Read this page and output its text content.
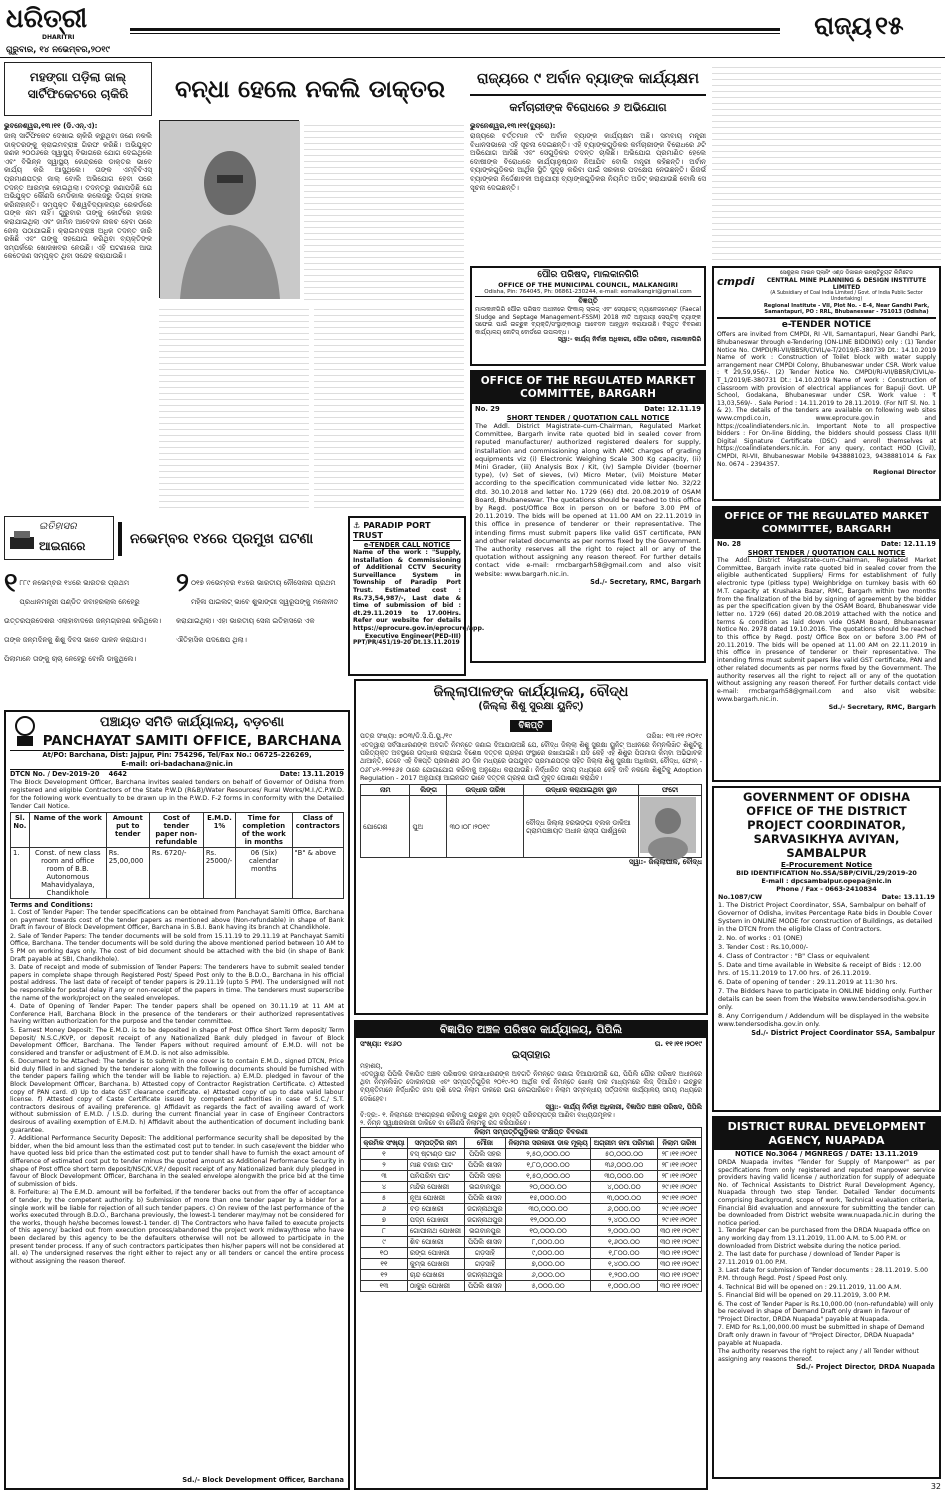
ଧରିତ୍ରୀ
DHARITRI
ଗୁରୁବାର, ୧୪ ନଭେମ୍ବର,୨୦୧୯
ରାଜ୍ୟ ୧୫
ମହଙ୍ଗା ପଡ଼ିଲା ଜାଲ୍‌ ସାର୍ଟିଫିକେଟରେ ଚାକିରି	ବନ୍ଧା ହେଲେ ନକଲି ଡାକ୍ତର
ଭୁବନେଶ୍ୱର,୧୩।୧୧ (ଡି.ଏନ୍‌.ଏ):
ଜାଲ୍‌ ସାର୍ଟିଫିକେଟ ଦେଖାଇ ଚାକିରି କରୁଥିବା ଜଣେ ନକଲି ଡାକ୍ତରଙ୍କୁ କ୍ରାଇମବ୍ରାଞ୍ଚ ଗିରଫ କରିଛି। ଅଭିଯୁକ୍ତ ଜଣକ ୨୦୦୬ରେ ସ୍ୱାସ୍ଥ୍ୟ ବିଭାଗରେ ଯୋଗ ଦେଇଥିଲେ ଏବଂ ବିଭିନ୍ନ ସ୍ୱାସ୍ଥ୍ୟ କେନ୍ଦ୍ରରେ ଡାକ୍ତର ଭାବେ କାର୍ଯ୍ୟ କରି ଆସୁଥିଲେ। ତାଙ୍କ ଏମ୍‌ବିବିଏସ୍‌ ପ୍ରମାଣପତ୍ର ଜାଲ୍‌ ବୋଲି ଅଭିଯୋଗ ହେବା ପରେ ତଦନ୍ତ ଆରମ୍ଭ ହୋଇଥିଲା। ତଦନ୍ତରୁ ଜଣାପଡ଼ିଛି ଯେ ଅଭିଯୁକ୍ତ କୌଣସି ମେଡିକାଲ କଲେଜରୁ ଡିଗ୍ରୀ ହାସଲ କରିନାହାନ୍ତି। ସମ୍ପୃକ୍ତ ବିଶ୍ୱବିଦ୍ୟାଳୟର ରେକର୍ଡରେ ତାଙ୍କ ନାମ ନାହିଁ। ଗୁରୁବାର ତାଙ୍କୁ କୋର୍ଟରେ ହାଜର କରାଯାଇଥିଲା ଏବଂ ଜାମିନ ଆବେଦନ ନାକଚ ହେବା ପରେ ଜେଲ୍‌ ପଠାଯାଇଛି। କ୍ରାଇମବ୍ରାଞ୍ଚ ଅଧିକ ତଦନ୍ତ ଜାରି ରଖିଛି ଏବଂ ତାଙ୍କୁ ସହଯୋଗ କରିଥିବା ବ୍ୟକ୍ତିଙ୍କ ସମ୍ପର୍କରେ ଖୋଜଖବର ନେଉଛି। ଏହି ଘଟଣାରେ ଆଉ କେତେଜଣ ସମ୍ପୃକ୍ତ ଥିବା ସନ୍ଦେହ କରାଯାଉଛି।
ରାଜ୍ୟରେ ୯ ଅର୍ବାନ ବ୍ୟାଙ୍କ କାର୍ଯ୍ୟକ୍ଷମ
କର୍ମଚାରୀଙ୍କ ବିରୋଧରେ ୬ ଅଭିଯୋଗ
ଭୁବନେଶ୍ୱର,୧୩।୧୧(ବ୍ୟୁରୋ):
ରାଜ୍ୟରେ ବର୍ତ୍ତମାନ ୯ଟି ଅର୍ବାନ ବ୍ୟାଙ୍କ କାର୍ଯ୍ୟକ୍ଷମ ଅଛି। ସମବାୟ ମନ୍ତ୍ରୀ ବିଧାନସଭାରେ ଏହି ସୂଚନା ଦେଇଛନ୍ତି। ଏହି ବ୍ୟାଙ୍କଗୁଡ଼ିକର କର୍ମଚାରୀଙ୍କ ବିରୋଧରେ ୬ଟି ଅଭିଯୋଗ ଆସିଛି ଏବଂ ସେଗୁଡ଼ିକର ତଦନ୍ତ ଚାଲିଛି। ଅଭିଯୋଗ ପ୍ରମାଣିତ ହେଲେ ଦୋଷୀଙ୍କ ବିରୋଧରେ କାର୍ଯ୍ୟାନୁଷ୍ଠାନ ନିଆଯିବ ବୋଲି ମନ୍ତ୍ରୀ କହିଛନ୍ତି। ଅର୍ବାନ ବ୍ୟାଙ୍କଗୁଡ଼ିକର ଆର୍ଥିକ ସ୍ଥିତି ସୁଦୃଢ଼ କରିବା ପାଇଁ ସରକାର ପଦକ୍ଷେପ ନେଉଛନ୍ତି। ରିଜର୍ଭ ବ୍ୟାଙ୍କର ନିର୍ଦ୍ଦେଶାବଳୀ ଅନୁଯାୟୀ ବ୍ୟାଙ୍କଗୁଡ଼ିକର ନିୟମିତ ଅଡିଟ୍‌ କରାଯାଉଛି ବୋଲି ସେ ସୂଚନା ଦେଇଛନ୍ତି।
ପୌର ପରିଷଦ, ମାଲକାନଗିରି
OFFICE OF THE MUNICIPAL COUNCIL, MALKANGIRI
Odisha, Pin: 764045, Ph: 06861-230244, e-mail: eomalkangiri@gmail.com
ବିଜ୍ଞପ୍ତି
ମାଲକାନଗିରି ପୌର ପରିଷଦ ଅଧୀନରେ ଫିକାଲ୍‌ ସ୍ଲଜ୍‌ ଏବଂ ସେପ୍ଟେଜ୍‌ ମ୍ୟାନେଜମେଣ୍ଟ (Faecal Sludge and Septage Management-FSSM) 2018 ନୀତି ଅନୁଯାୟୀ ସେପ୍ଟିକ୍‌ ଟ୍ୟାଙ୍କ ସଫେଇ ପାଇଁ ଇଚ୍ଛୁକ ବ୍ୟକ୍ତି/ସଂସ୍ଥାଙ୍କଠାରୁ ଆବେଦନ ଆହ୍ୱାନ କରାଯାଉଛି। ବିସ୍ତୃତ ବିବରଣୀ କାର୍ଯ୍ୟାଳୟ ନୋଟିସ୍‌ ବୋର୍ଡରେ ଉପଲବ୍ଧ।
ସ୍ୱା:- କାର୍ଯ୍ୟ ନିର୍ବାହୀ ଅଧିକାରୀ, ପୌର ପରିଷଦ, ମାଲକାନଗିରି
cmpdi
ସେଣ୍ଟ୍ରାଲ ମାଇନ ପ୍ଲାନିଂ ଏଣ୍ଡ ଡିଜାଇନ ଇନ୍‌ଷ୍ଟିଚ୍ୟୁଟ ଲିମିଟେଡ
CENTRAL MINE PLANNING & DESIGN INSTITUTE LIMITED
(A Subsidiary of Coal India Limited / Govt. of India Public Sector Undertaking)
Regional Institute - VII, Plot No. - E-4, Near Gandhi Park,
Samantapuri, PO : RRL, Bhubaneswar - 751013 (Odisha)
e-TENDER NOTICE
Offers are invited from CMPDI, RI -VII, Samantapuri, Near Gandhi Park, Bhubaneswar through e-Tendering (ON-LINE BIDDING) only : (1) Tender Notice No. CMPDI/RI-VII/BBSR/CIVIL/e-T/2019/E-380739 Dt.: 14.10.2019 Name of work : Construction of Toilet block with water supply arrangement near CMPDI Colony, Bhubaneswar under CSR. Work value : ₹ 29,59,956/-. (2) Tender Notice No. CMPDI/RI-VII/BBSR/CIVIL/e-T_1/2019/E-380731 Dt.: 14.10.2019 Name of work : Construction of classroom with provision of electrical appliances for Bapuji Govt. UP School, Godakana, Bhubaneswar under CSR. Work value : ₹ 13,03,569/- . Sale Period : 14.11.2019 to 28.11.2019. (For NIT Sl. No. 1 & 2). The details of the tenders are available on following web sites www.cmpdi.co.in, www.eprocure.gov.in and https://coalindiatenders.nic.in. Important Note to all prospective bidders : For On-line Bidding, the bidders should possess Class II/III Digital Signature Certificate (DSC) and enroll themselves at https://coalindiatenders.nic.in. For any query, contact HOD (Civil), CMPDI, RI-VII, Bhubaneswar Mobile 9438881023, 9438881014 & Fax No. 0674 - 2394357.
Regional Director
OFFICE OF THE REGULATED MARKET COMMITTEE, BARGARH
No. 29	Date: 12.11.19
SHORT TENDER / QUOTATION CALL NOTICE
The Addl. District Magistrate-cum-Chairman, Regulated Market Committee, Bargarh invite rate quoted bid in sealed cover from reputed manufacturer/ authorized registered dealers for supply, installation and commissioning along with AMC charges of grading equipments viz (i) Electronic Weighing Scale 300 Kg capacity, (ii) Mini Grader, (iii) Analysis Box / Kit, (iv) Sample Divider (boerner type), (v) Set of sieves, (vi) Micro Meter, (vii) Moisture Meter according to the specification communicated vide letter No. 32/22 dtd. 30.10.2018 and letter No. 1729 (66) dtd. 20.08.2019 of OSAM Board, Bhubaneswar. The quotations should be reached to this office by Regd. post/Office Box in person on or before 3.00 PM of 20.11.2019. The bids will be opened at 11.00 AM on 22.11.2019 in this office in presence of tenderer or their representative. The intending firms must submit papers like valid GST certificate, PAN and other related documents as per norms fixed by the Government. The authority reserves all the right to reject all or any of the quotation without assigning any reason thereof. For further details contact vide e-mail: rmcbargarh58@gmail.com and also visit website: www.bargarh.nic.in.
Sd./- Secretary, RMC, Bargarh
OFFICE OF THE REGULATED MARKET COMMITTEE, BARGARH
No. 28	Date: 12.11.19
SHORT TENDER / QUOTATION CALL NOTICE
The Addl. District Magistrate-cum-Chairman, Regulated Market Committee, Bargarh invite rate quoted bid in sealed cover from the eligible authenticated Suppliers/ Firms for establishment of fully electronic type (pitless type) Weighbridge on turnkey basis with 60 M.T. capacity at Krushaka Bazar, RMC, Bargarh within two months from the finalization of the bid by signing of agreement by the bidder as per the specification given by the OSAM Board, Bhubaneswar vide letter no. 1729 (66) dated 20.08.2019 attached with the notice and terms & condition as laid down vide OSAM Board, Bhubaneswar Notice No. 2978 dated 19.10.2016. The quotations should be reached to this office by Regd. post/ Office Box on or before 3.00 PM of 20.11.2019. The bids will be opened at 11.00 AM on 22.11.2019 in this office in presence of tenderer or their representative. The intending firms must submit papers like valid GST certificate, PAN and other related documents as per norms fixed by the Government. The authority reserves all the right to reject all or any of the quotation without assigning any reason thereof. For further details contact vide e-mail: rmcbargarh58@gmail.com and also visit website: www.bargarh.nic.in.
Sd./- Secretary, RMC, Bargarh
ଇତିହାସର
ଆଇନାରେ	ନଭେମ୍ବର ୧୪ରେ ପ୍ରମୁଖ ଘଟଣା
୧ ୮୮୯ ନଭେମ୍ବର ୧୪ରେ ଭାରତର ପ୍ରଥମ ପ୍ରଧାନମନ୍ତ୍ରୀ ପଣ୍ଡିତ ଜବାହରଲାଲ ନେହେରୁ ଉତ୍ତରପ୍ରଦେଶର ଏଲାହାବାଦରେ ଜନ୍ମଗ୍ରହଣ କରିଥିଲେ। ତାଙ୍କ ଜନ୍ମଦିନକୁ ଶିଶୁ ଦିବସ ଭାବେ ପାଳନ କରାଯାଏ। ପିଲାମାନେ ତାଙ୍କୁ ଚାଚା ନେହେରୁ ବୋଲି ଡାକୁଥିଲେ।
୨ ୦୧୭ ନଭେମ୍ବର ୧୪ରେ ଭାରତୀୟ ନୌସେନାର ପ୍ରଥମ ମହିଳା ପାଇଲଟ୍‌ ଭାବେ ଶୁଭାଙ୍ଗୀ ସ୍ୱରୂପଙ୍କୁ ମନୋନୀତ କରାଯାଇଥିଲା। ଏହା ଭାରତୀୟ ସେନା ଇତିହାସରେ ଏକ ଐତିହାସିକ ପଦକ୍ଷେପ ଥିଲା।
⚓ PARADIP PORT TRUST
e-TENDER CALL NOTICE
Name of the work : "Supply, Installation & Commissioning of Additional CCTV Security Surveillance System in Township of Paradip Port Trust. Estimated cost : Rs.73,54,987/-, Last date & time of submission of bid : dt.29.11.2019 to 17.00Hrs. Refer our website for details https://eprocure.gov.in/eprocure/app.
Executive Engineer(PED-III)
PPT/PR/451/19-20 Dt.13.11.2019
ଜିଲ୍ଲାପାଳଙ୍କ କାର୍ଯ୍ୟାଳୟ, ବୌଦ୍ଧ
(ଜିଲ୍ଲା ଶିଶୁ ସୁରକ୍ଷା ୟୁନିଟ୍‌)
ବିଜ୍ଞପ୍ତି
ପତ୍ର ସଂଖ୍ୟା: ୭୦୩/ଡି.ସି.ପି.ୟୁ./୧୯	ତାରିଖ: ୧୩।୧୧।୨୦୧୯
ଏତଦ୍ୱାରା ସର୍ବସାଧାରଣଙ୍କ ଅବଗତି ନିମନ୍ତେ ଜଣାଇ ଦିଆଯାଉଅଛି ଯେ, ବୌଦ୍ଧ ଜିଲ୍ଲା ଶିଶୁ ସୁରକ୍ଷା ୟୁନିଟ୍‌ ଅଧୀନରେ ନିମ୍ନଲିଖିତ ଶିଶୁଟିକୁ ପରିତ୍ୟକ୍ତ ଅବସ୍ଥାରେ ଉଦ୍ଧାର କରାଯାଇ ବିଶେଷ ଦତ୍ତକ ଗ୍ରହଣ ସଂସ୍ଥାରେ ରଖାଯାଇଛି। ଯଦି କେହି ଏହି ଶିଶୁର ପିତାମାତା କିମ୍ବା ଅଭିଭାବକ ଥାଆନ୍ତି, ତେବେ ଏହି ବିଜ୍ଞପ୍ତି ପ୍ରକାଶର ୬୦ ଦିନ ମଧ୍ୟରେ ଉପଯୁକ୍ତ ପ୍ରମାଣପତ୍ର ସହିତ ଜିଲ୍ଲା ଶିଶୁ ସୁରକ୍ଷା ଅଧିକାରୀ, ବୌଦ୍ଧ, ଫୋନ୍‌ - ୦୬୮୪୧-୨୨୨୫୬୫ ଠାରେ ଯୋଗାଯୋଗ କରିବାକୁ ଅନୁରୋଧ କରାଯାଉଛି। ନିର୍ଦ୍ଧାରିତ ସମୟ ମଧ୍ୟରେ କେହି ଦାବି ନକଲେ ଶିଶୁଟିକୁ Adoption Regulation - 2017 ଅନୁଯାୟୀ ଆଇନଗତ ଭାବେ ଦତ୍ତକ ଗ୍ରହଣ ପାଇଁ ମୁକ୍ତ ଘୋଷଣା କରାଯିବ।
ନାମ	ଲିଙ୍ଗ	ଉଦ୍ଧାର ତାରିଖ	ଉଦ୍ଧାର କରାଯାଇଥିବା ସ୍ଥାନ	ଫଟୋ
ଯୋଗେଶ	ପୁଅ	୩୦।୦୮।୨୦୧୯	ବୌଦ୍ଧ ଜିଲ୍ଲା ହରଭଙ୍ଗା ବ୍ଲକ ଡାଳିଆ ଗ୍ରାମପଞ୍ଚାୟତ ଅଧୀନ ରାସ୍ତା ପାର୍ଶ୍ୱରେ	
ସ୍ୱା:- ଜିଲ୍ଲାପାଳ, ବୌଦ୍ଧ
ବିଜ୍ଞାପିତ ଅଞ୍ଚଳ ପରିଷଦ କାର୍ଯ୍ୟାଳୟ, ପିପିଲି
ସଂଖ୍ୟା: ୧୪୬୦	ତା. ୧୧।୧୧।୨୦୧୯
ଇସ୍ତାହାର
ମହାଶୟ,
ଏତଦ୍ୱାରା ପିପିଲି ବିଜ୍ଞାପିତ ଅଞ୍ଚଳ ପରିଷଦର ଜନସାଧାରଣଙ୍କ ଅବଗତି ନିମନ୍ତେ ଜଣାଇ ଦିଆଯାଉଅଛି ଯେ, ପିପିଲି ପୌର ପରିଷଦ ଅଧୀନରେ ଥିବା ନିମ୍ନଲିଖିତ ଦୋକାନଘର ଏବଂ ସମ୍ପତ୍ତିଗୁଡ଼ିକ ୨୦୧୯-୨୦ ଆର୍ଥିକ ବର୍ଷ ନିମନ୍ତେ ଖୋଲା ଡାକ ମାଧ୍ୟମରେ ଲିଜ୍‌ ଦିଆଯିବ। ଇଚ୍ଛୁକ ବ୍ୟକ୍ତିମାନେ ନିର୍ଦ୍ଧାରିତ ଜମା ରାଶି ଦେଇ ନିଲାମ ଡାକରେ ଭାଗ ନେଇପାରିବେ। ନିଲାମ ସମ୍ବନ୍ଧୀୟ ସର୍ତ୍ତାବଳୀ କାର୍ଯ୍ୟାଳୟ ସମୟ ମଧ୍ୟରେ ଦେଖିହେବ।
ସ୍ୱା:- କାର୍ଯ୍ୟ ନିର୍ବାହୀ ଅଧିକାରୀ, ବିଜ୍ଞାପିତ ଅଞ୍ଚଳ ପରିଷଦ, ପିପିଲି
ବି:ଦ୍ର:- ୧. ନିଲାମରେ ଅଂଶଗ୍ରହଣ କରିବାକୁ ଇଚ୍ଛୁକ ଥିବା ବ୍ୟକ୍ତି ପରିଚୟପତ୍ର ଆଣିବା ବାଧ୍ୟତାମୂଳକ।
୨. ନିମ୍ନ ସ୍ୱାକ୍ଷରକାରୀ ଡାକିବେ ବା କୌଣସି ନିଲାମକୁ ରଦ୍ଦ କରିପାରିବେ।
ନିଲାମ ସମ୍ପତ୍ତିଗୁଡ଼ିକର ସଂକ୍ଷିପ୍ତ ବିବରଣୀ
କ୍ରମିକ ସଂଖ୍ୟା	ସମ୍ପତ୍ତିର ନାମ	ମୌଜା	ନିଲାମର ସରକାରୀ ଡାକ ମୂଲ୍ୟ	ଅଗ୍ରୀମ ଜମା ପରିମାଣ	ନିଲାମ ତାରିଖ
୧	ବସ୍‌ ଷ୍ଟାଣ୍ଡ ଘାଟ	ପିପିଲି ସହର	୨,୫୦,୦୦୦.୦୦	୫୦,୦୦୦.୦୦	୨୮।୧୧।୨୦୧୯
୨	ମାଛ ବଜାର ଘାଟ	ପିପିଲି ଶାସନ	୧,୮୦,୦୦୦.୦୦	୩୬,୦୦୦.୦୦	୨୮।୧୧।୨୦୧୯
୩	ପନିପରିବା ଘାଟ	ପିପିଲି ସହର	୧,୫୦,୦୦୦.୦୦	୩୦,୦୦୦.୦୦	୨୮।୧୧।୨୦୧୯
୪	ମନ୍ଦିର ପୋଖରୀ	ଭଗବାନପୁର	୨୦,୦୦୦.୦୦	୪,୦୦୦.୦୦	୨୯।୧୧।୨୦୧୯
୫	ନୂଆ ପୋଖରୀ	ପିପିଲି ଶାସନ	୧୫,୦୦୦.୦୦	୩,୦୦୦.୦୦	୨୯।୧୧।୨୦୧୯
୬	ବଡ଼ ପୋଖରୀ	ଜଗନ୍ନାଥପୁର	୩୦,୦୦୦.୦୦	୬,୦୦୦.୦୦	୨୯।୧୧।୨୦୧୯
୭	ପଦ୍ମ ପୋଖରୀ	ଜଗନ୍ନାଥପୁର	୧୨,୦୦୦.୦୦	୨,୪୦୦.୦୦	୨୯।୧୧।୨୦୧୯
୮	ଗୋପୀନାଥ ପୋଖରୀ	ଭଗବାନପୁର	୧୦,୦୦୦.୦୦	୨,୦୦୦.୦୦	୩୦।୧୧।୨୦୧୯
୯	ଶିବ ପୋଖରୀ	ପିପିଲି ଶାସନ	୮,୦୦୦.୦୦	୧,୬୦୦.୦୦	୩୦।୧୧।୨୦୧୯
୧୦	ରଙ୍ଗ ପୋଖରୀ	ଗଡ଼ସାହି	୯,୦୦୦.୦୦	୧,୮୦୦.୦୦	୩୦।୧୧।୨୦୧୯
୧୧	କୁମ୍ଭ ପୋଖରୀ	ଗଡ଼ସାହି	୭,୦୦୦.୦୦	୧,୪୦୦.୦୦	୩୦।୧୧।୨୦୧୯
୧୨	ଚାନ୍ଦ ପୋଖରୀ	ଜଗନ୍ନାଥପୁର	୬,୦୦୦.୦୦	୧,୨୦୦.୦୦	୩୦।୧୧।୨୦୧୯
୧୩	ଠାକୁର ପୋଖରୀ	ପିପିଲି ଶାସନ	୫,୦୦୦.୦୦	୧,୦୦୦.୦୦	୩୦।୧୧।୨୦୧୯
ପଞ୍ଚାୟତ ସମିତି କାର୍ଯ୍ୟାଳୟ, ବଡ଼ଚଣା
PANCHAYAT SAMITI OFFICE, BARCHANA
At/PO: Barchana, Dist: Jajpur, Pin: 754296, Tel/Fax No.: 06725-226269,
E-mail: ori-badachana@nic.in
DTCN No. / Dev-2019-20 4642	Date: 13.11.2019
The Block Development Officer, Barchana invites sealed tenders on behalf of Governor of Odisha from registered and eligible Contractors of the State P.W.D (R&B)/Water Resources/ Rural Works/M.I./C.P.W.D. for the following work eventually to be drawn up in the P.W.D. F-2 forms in conformity with the Detailed Tender Call Notice.
Sl. No.	Name of the work	Amount put to tender	Cost of tender paper non-refundable	E.M.D. 1%	Time for completion of the work in months	Class of contractors
1.	Const. of new class room and office room of B.B. Autonomous Mahavidyalaya, Chandikhole	Rs. 25,00,000	Rs. 6720/-	Rs. 25000/-	06 (Six) calendar months	"B" & above
Terms and Conditions:

1. Cost of Tender Paper: The tender specifications can be obtained from Panchayat Samiti Office, Barchana on payment towards cost of the tender papers as mentioned above (Non-refundable) in shape of Bank Draft in favour of Block Development Officer, Barchana in S.B.I. Bank having its branch at Chandikhole.

2. Sale of Tender Papers: The tender documents will be sold from 15.11.19 to 29.11.19 at Panchayat Samiti Office, Barchana. The tender documents will be sold during the above mentioned period between 10 AM to 5 PM on working days only. The cost of bid document should be attached with the bid (in shape of Bank Draft payable at SBI, Chandikhole).

3. Date of receipt and mode of submission of Tender Papers: The tenderers have to submit sealed tender papers in complete shape through Registered Post/ Speed Post only to the B.D.O., Barchana in his official postal address. The last date of receipt of tender papers is 29.11.19 (upto 5 PM). The undersigned will not be responsible for postal delay if any or non-receipt of the papers in time. The tenderers must superscribe the name of the work/project on the sealed envelopes.

4. Date of Opening of Tender Paper: The tender papers shall be opened on 30.11.19 at 11 AM at Conference Hall, Barchana Block in the presence of the tenderers or their authorized representatives having written authorization for the purpose and the tender committee.

5. Earnest Money Deposit: The E.M.D. is to be deposited in shape of Post Office Short Term deposit/ Term Deposit/ N.S.C./KVP, or deposit receipt of any Nationalized Bank duly pledged in favour of Block Development Officer, Barchana. The Tender Papers without required amount of E.M.D. will not be considered and transfer or adjustment of E.M.D. is not also admissible.

6. Document to be Attached: The tender is to submit in one cover is to contain E.M.D., signed DTCN, Price bid duly filled in and signed by the tenderer along with the following documents should be furnished with the tender papers failing which the tender will be liable to rejection. a) E.M.D. pledged in favour of the Block Development Officer, Barchana. b) Attested copy of Contractor Registration Certificate. c) Attested copy of PAN card. d) Up to date GST clearance certificate. e) Attested copy of up to date valid labour license. f) Attested copy of Caste Certificate issued by competent authorities in case of S.C./ S.T. contractors desirous of availing preference. g) Affidavit as regards the fact of availing award of work without submission of E.M.D. / I.S.D. during the current financial year in case of Engineer Contractors desirous of availing exemption of E.M.D. h) Affidavit about the authentication of document including bank guarantee.

7. Additional Performance Security Deposit: The additional performance security shall be deposited by the bidder, when the bid amount less than the estimated cost put to tender. In such case/event the bidder who have quoted less bid price than the estimated cost put to tender shall have to furnish the exact amount of difference of estimated cost put to tender minus the quoted amount as Additional Performance Security in shape of Post office short term deposit/NSC/K.V.P./ deposit receipt of any Nationalized bank duly pledged in favour of Block Development Officer, Barchana in the sealed envelope alongwith the price bid at the time of submission of bids.

8. Forfeiture: a) The E.M.D. amount will be forfeited, if the tenderer backs out from the offer of acceptance of tender, by the competent authority. b) Submission of more than one tender paper by a bidder for a single work will be liable for rejection of all such tender papers. c) On review of the last performance of the works executed through B.D.O., Barchana previously, the lowest-1 tenderer may/may not be considered for the works, though he/she becomes lowest-1 tender. d) The Contractors who have failed to execute projects of this agency/ backed out from execution process/abandoned the project work midway/those who have been declared by this agency to be the defaulters otherwise will not be allowed to participate in the present tender process. If any of such contractors participates then his/her papers will not be considered at all. e) The undersigned reserves the right either to reject any or all tenders or cancel the entire process without assigning the reason thereof.

Sd./- Block Development Officer, Barchana
GOVERNMENT OF ODISHA OFFICE OF THE DISTRICT PROJECT COORDINATOR, SARVASIKHYA AVIYAN, SAMBALPUR
E-Procurement Notice
BID IDENTIFICATION No.SSA/SBP/CIVIL/29/2019-20
E-mail : dpcsambalpur.opepa@nic.in
Phone / Fax - 0663-2410834
No.1087/CW	Date: 13.11.19

1. The District Project Coordinator, SSA, Sambalpur on behalf of Governor of Odisha, invites Percentage Rate bids in Double Cover System in ONLINE MODE for construction of Buildings, as detailed in the DTCN from the eligible Class of Contractors.

2. No. of works : 01 (ONE)

3. Tender Cost : Rs.10,000/-

4. Class of Contractor : "B" Class or equivalent

5. Date and time available in Website & receipt of Bids : 12.00 hrs. of 15.11.2019 to 17.00 hrs. of 26.11.2019.

6. Date of opening of tender : 29.11.2019 at 11:30 hrs.

7. The Bidders have to participate in ONLINE bidding only. Further details can be seen from the Website www.tendersodisha.gov.in only.

8. Any Corrigendum / Addendum will be displayed in the website www.tendersodisha.gov.in only.

Sd./- District Project Coordinator SSA, Sambalpur
DISTRICT RURAL DEVELOPMENT AGENCY, NUAPADA
NOTICE No.3064 / MGNREGS / DATE: 13.11.2019
DRDA Nuapada invites "Tender for Supply of Manpower" as per specifications from only registered and reputed manpower service providers having valid license / authorization for supply of adequate No. of Technical Assistants to District Rural Development Agency, Nuapada through two step Tender. Detailed Tender documents comprising Background, scope of work, Technical evaluation criteria, Financial Bid evaluation and annexure for submitting the tender can be downloaded from District website www.nuapada.nic.in during the notice period.

1. Tender Paper can be purchased from the DRDA Nuapada office on any working day from 13.11.2019, 11.00 A.M. to 5.00 P.M. or downloaded from District website during the notice period.

2. The last date for purchase / download of Tender Paper is 27.11.2019 01.00 P.M.

3. Last date for submission of Tender documents : 28.11.2019. 5.00 P.M. through Regd. Post / Speed Post only.

4. Technical Bid will be opened on : 29.11.2019, 11.00 A.M.

5. Financial Bid will be opened on 29.11.2019, 3.00 P.M.

6. The cost of Tender Paper is Rs.10,000.00 (non-refundable) will only be received in shape of Demand Draft only drawn in favour of "Project Director, DRDA Nuapada" payable at Nuapada.

7. EMD for Rs.1,00,000.00 must be submitted in shape of Demand Draft only drawn in favour of "Project Director, DRDA Nuapada" payable at Nuapada.

The authority reserves the right to reject any / all Tender without assigning any reasons thereof.
Sd./- Project Director, DRDA Nuapada
32
